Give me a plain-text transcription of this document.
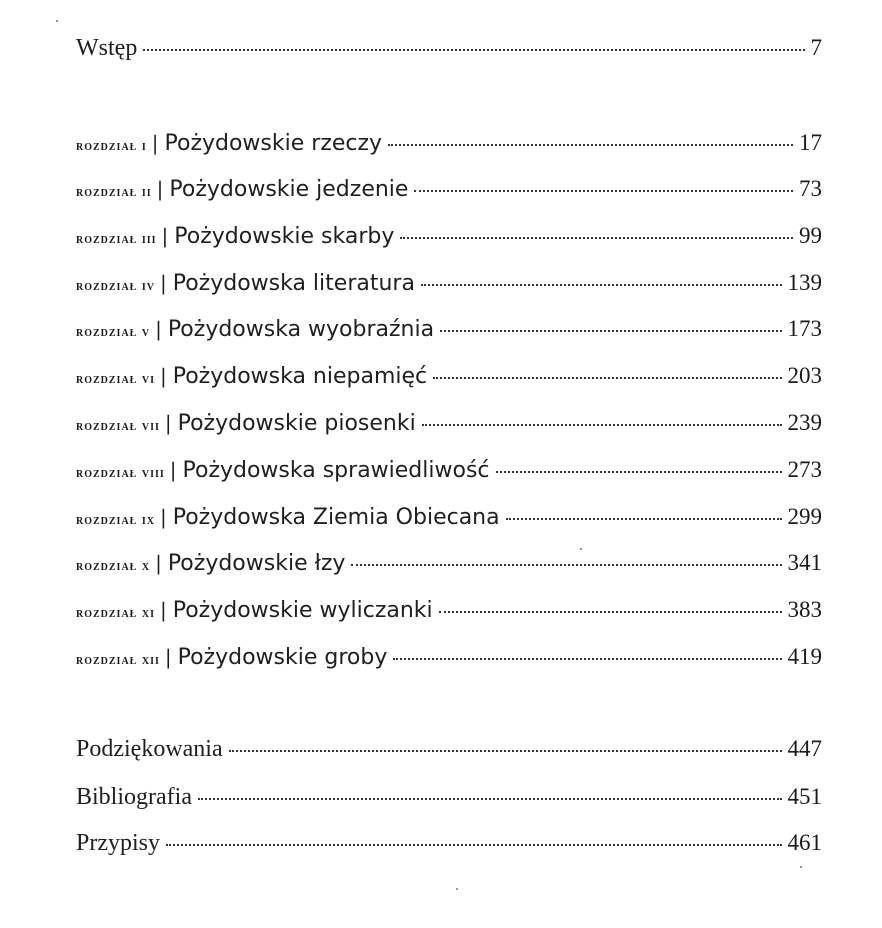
Wstęp	7
rozdział i | Pożydowskie rzeczy	17
rozdział ii | Pożydowskie jedzenie	73
rozdział iii | Pożydowskie skarby	99
rozdział iv | Pożydowska literatura	139
rozdział v | Pożydowska wyobraźnia	173
rozdział vi | Pożydowska niepamięć	203
rozdział vii | Pożydowskie piosenki	239
rozdział viii | Pożydowska sprawiedliwość	273
rozdział ix | Pożydowska Ziemia Obiecana	299
rozdział x | Pożydowskie łzy	341
rozdział xi | Pożydowskie wyliczanki	383
rozdział xii | Pożydowskie groby	419
Podziękowania	447
Bibliografia	451
Przypisy	461
